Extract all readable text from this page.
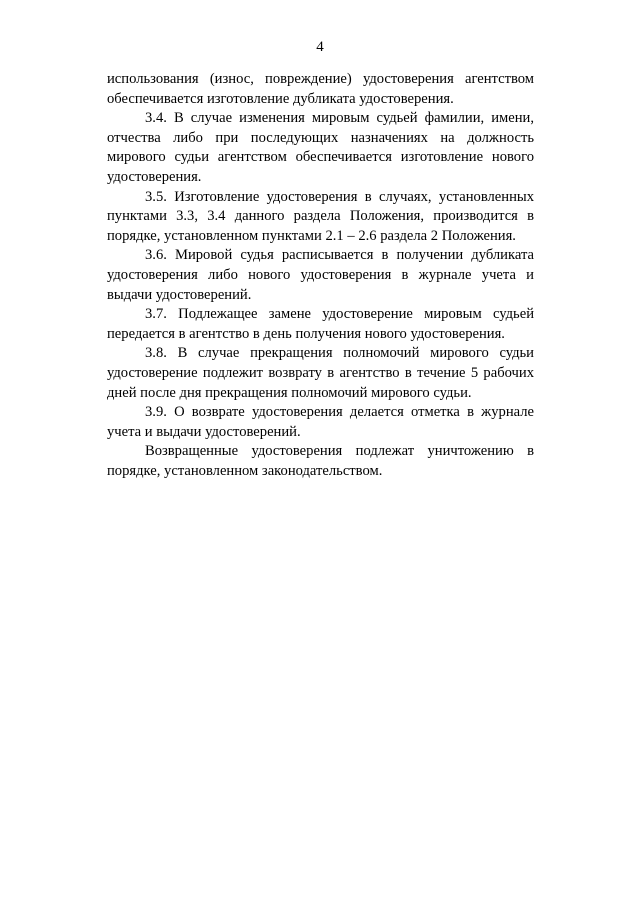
4

использования (износ, повреждение) удостоверения агентством обеспечивается изготовление дубликата удостоверения.

3.4. В случае изменения мировым судьей фамилии, имени, отчества либо при последующих назначениях на должность мирового судьи агентством обеспечивается изготовление нового удостоверения.

3.5. Изготовление удостоверения в случаях, установленных пунктами 3.3, 3.4 данного раздела Положения, производится в порядке, установленном пунктами 2.1 – 2.6 раздела 2 Положения.

3.6. Мировой судья расписывается в получении дубликата удостоверения либо нового удостоверения в журнале учета и выдачи удостоверений.

3.7. Подлежащее замене удостоверение мировым судьей передается в агентство в день получения нового удостоверения.

3.8. В случае прекращения полномочий мирового судьи удостоверение подлежит возврату в агентство в течение 5 рабочих дней после дня прекращения полномочий мирового судьи.

3.9. О возврате удостоверения делается отметка в журнале учета и выдачи удостоверений.

Возвращенные удостоверения подлежат уничтожению в порядке, установленном законодательством.
